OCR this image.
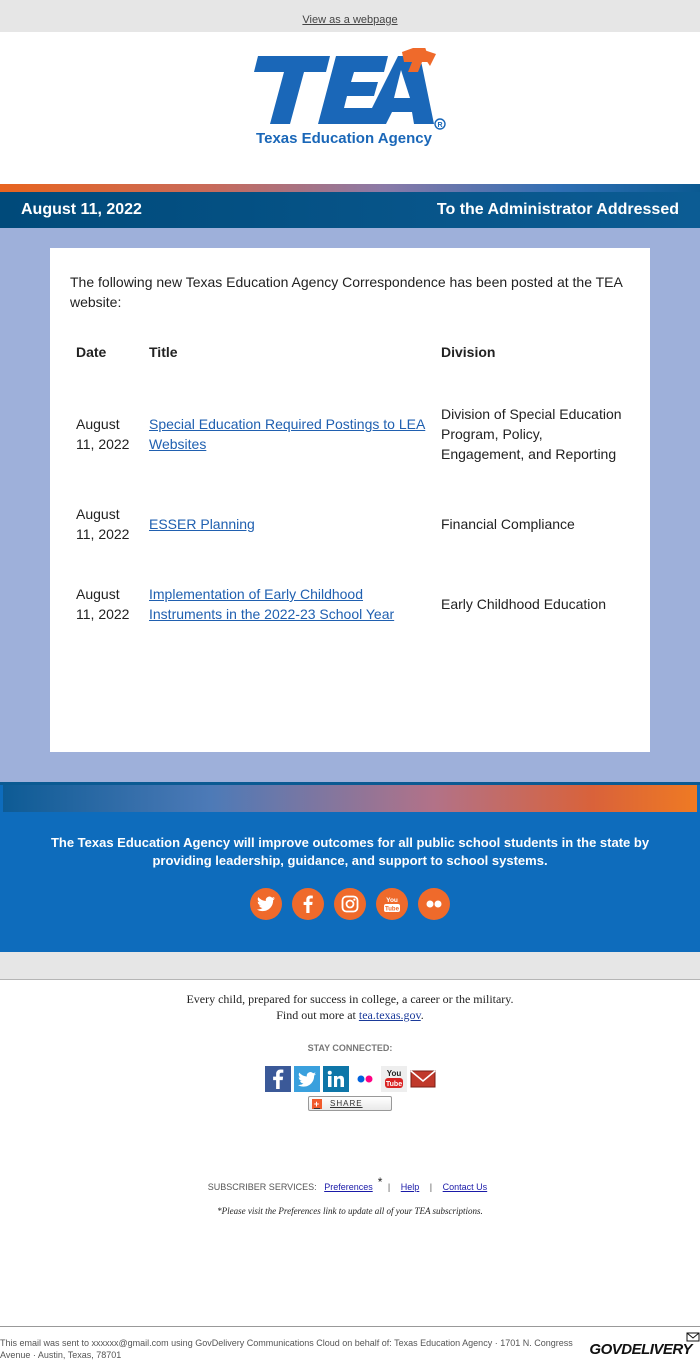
View as a webpage
R
Texas Education Agency
August 11, 2022	To the Administrator Addressed

The following new Texas Education Agency Correspondence has been posted at the TEA website:

Date	Title	Division
August 11, 2022	Special Education Required Postings to LEA Websites	Division of Special Education Program, Policy, Engagement, and Reporting
August 11, 2022	ESSER Planning	Financial Compliance
August 11, 2022	Implementation of Early Childhood Instruments in the 2022-23 School Year	Early Childhood Education

The Texas Education Agency will improve outcomes for all public school students in the state by providing leadership, guidance, and support to school systems.

You
Tube

Every child, prepared for success in college, a career or the military.
Find out more at tea.texas.gov.

STAY CONNECTED:

You
Tube
+ SHARE

SUBSCRIBER SERVICES: Preferences * | Help | Contact Us

*Please visit the Preferences link to update all of your TEA subscriptions.

This email was sent to xxxxxx@gmail.com using GovDelivery Communications Cloud on behalf of: Texas Education Agency · 1701 N. Congress Avenue · Austin, Texas, 78701	GOVDELIVERY
